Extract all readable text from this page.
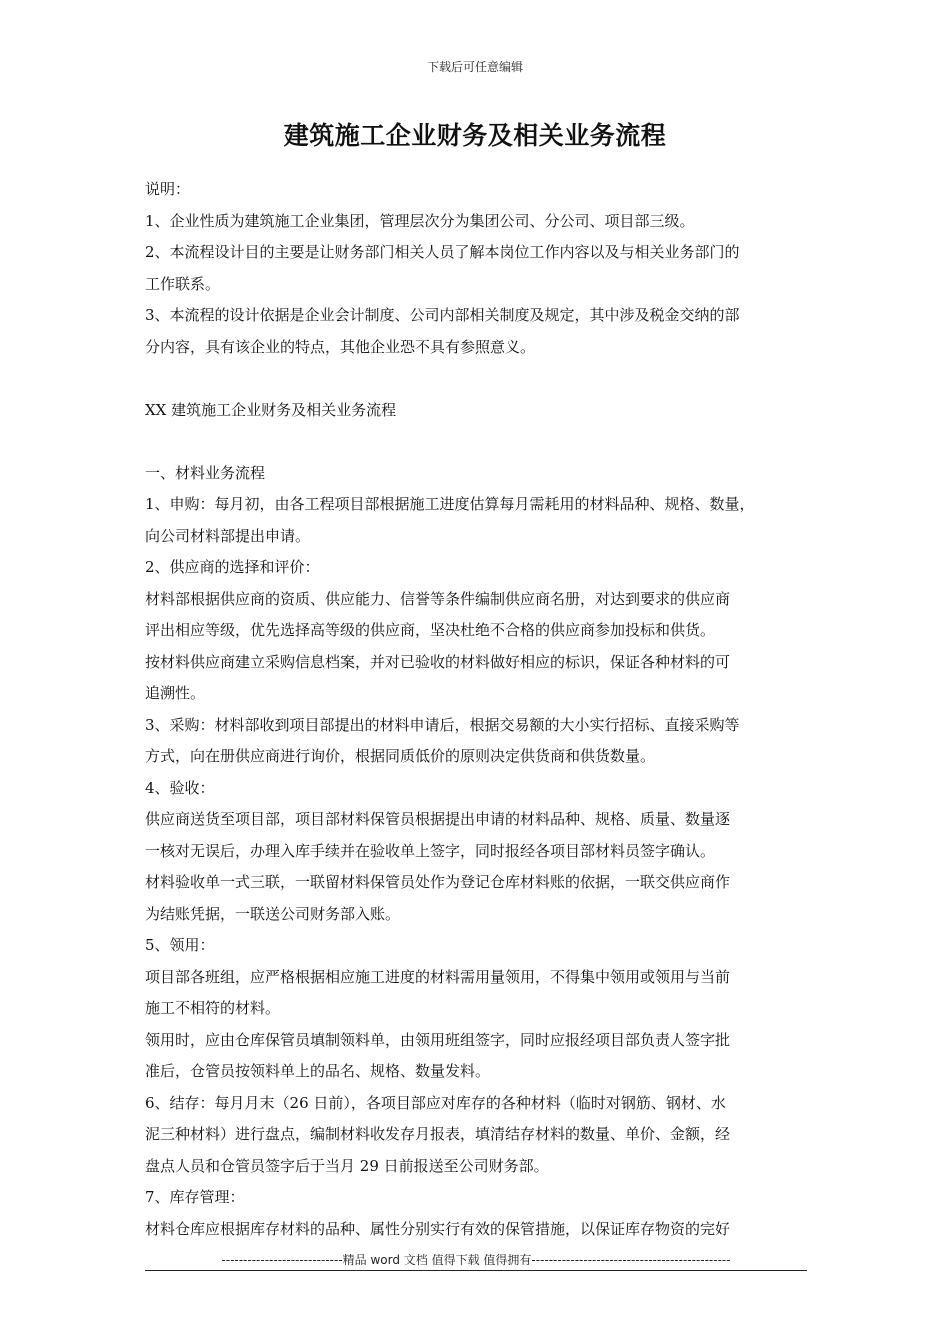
下载后可任意编辑
建筑施工企业财务及相关业务流程

说明：

1、企业性质为建筑施工企业集团，管理层次分为集团公司、分公司、项目部三级。

2、本流程设计目的主要是让财务部门相关人员了解本岗位工作内容以及与相关业务部门的

工作联系。

3、本流程的设计依据是企业会计制度、公司内部相关制度及规定，其中涉及税金交纳的部

分内容，具有该企业的特点，其他企业恐不具有参照意义。

XX 建筑施工企业财务及相关业务流程

一、材料业务流程

1、申购：每月初，由各工程项目部根据施工进度估算每月需耗用的材料品种、规格、数量，

向公司材料部提出申请。

2、供应商的选择和评价：

材料部根据供应商的资质、供应能力、信誉等条件编制供应商名册，对达到要求的供应商

评出相应等级，优先选择高等级的供应商，坚决杜绝不合格的供应商参加投标和供货。

按材料供应商建立采购信息档案，并对已验收的材料做好相应的标识，保证各种材料的可

追溯性。

3、采购：材料部收到项目部提出的材料申请后，根据交易额的大小实行招标、直接采购等

方式，向在册供应商进行询价，根据同质低价的原则决定供货商和供货数量。

4、验收：

供应商送货至项目部，项目部材料保管员根据提出申请的材料品种、规格、质量、数量逐

一核对无误后，办理入库手续并在验收单上签字，同时报经各项目部材料员签字确认。

材料验收单一式三联，一联留材料保管员处作为登记仓库材料账的依据，一联交供应商作

为结账凭据，一联送公司财务部入账。

5、领用：

项目部各班组，应严格根据相应施工进度的材料需用量领用，不得集中领用或领用与当前

施工不相符的材料。

领用时，应由仓库保管员填制领料单，由领用班组签字，同时应报经项目部负责人签字批

准后，仓管员按领料单上的品名、规格、数量发料。

6、结存：每月月末（26 日前），各项目部应对库存的各种材料（临时对钢筋、钢材、水

泥三种材料）进行盘点，编制材料收发存月报表，填清结存材料的数量、单价、金额，经

盘点人员和仓管员签字后于当月 29 日前报送至公司财务部。

7、库存管理：

材料仓库应根据库存材料的品种、属性分别实行有效的保管措施，以保证库存物资的完好

----------------------------精品 word 文档 值得下载 值得拥有----------------------------------------------
